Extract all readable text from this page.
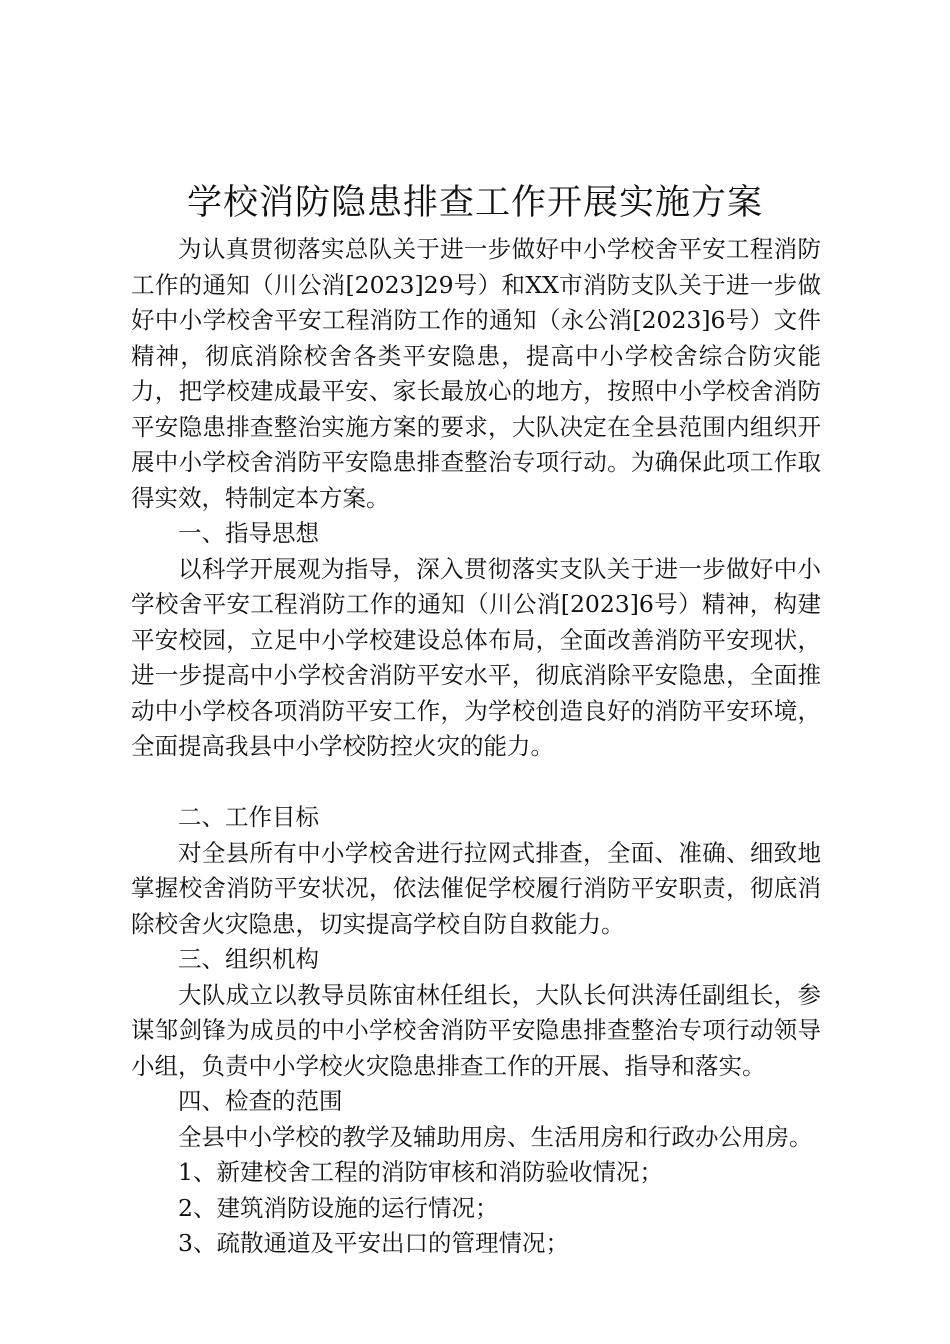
学校消防隐患排查工作开展实施方案

为认真贯彻落实总队关于进一步做好中小学校舍平安工程消防工作的通知（川公消[2023]29号）和XX市消防支队关于进一步做好中小学校舍平安工程消防工作的通知（永公消[2023]6号）文件精神，彻底消除校舍各类平安隐患，提高中小学校舍综合防灾能力，把学校建成最平安、家长最放心的地方，按照中小学校舍消防平安隐患排查整治实施方案的要求，大队决定在全县范围内组织开展中小学校舍消防平安隐患排查整治专项行动。为确保此项工作取得实效，特制定本方案。

一、指导思想

以科学开展观为指导，深入贯彻落实支队关于进一步做好中小学校舍平安工程消防工作的通知（川公消[2023]6号）精神，构建平安校园，立足中小学校建设总体布局，全面改善消防平安现状，进一步提高中小学校舍消防平安水平，彻底消除平安隐患，全面推动中小学校各项消防平安工作，为学校创造良好的消防平安环境，全面提高我县中小学校防控火灾的能力。

二、工作目标

对全县所有中小学校舍进行拉网式排查，全面、准确、细致地掌握校舍消防平安状况，依法催促学校履行消防平安职责，彻底消除校舍火灾隐患，切实提高学校自防自救能力。

三、组织机构

大队成立以教导员陈宙林任组长，大队长何洪涛任副组长，参谋邹剑锋为成员的中小学校舍消防平安隐患排查整治专项行动领导小组，负责中小学校火灾隐患排查工作的开展、指导和落实。

四、检查的范围

全县中小学校的教学及辅助用房、生活用房和行政办公用房。

1、新建校舍工程的消防审核和消防验收情况；

2、建筑消防设施的运行情况；

3、疏散通道及平安出口的管理情况；
